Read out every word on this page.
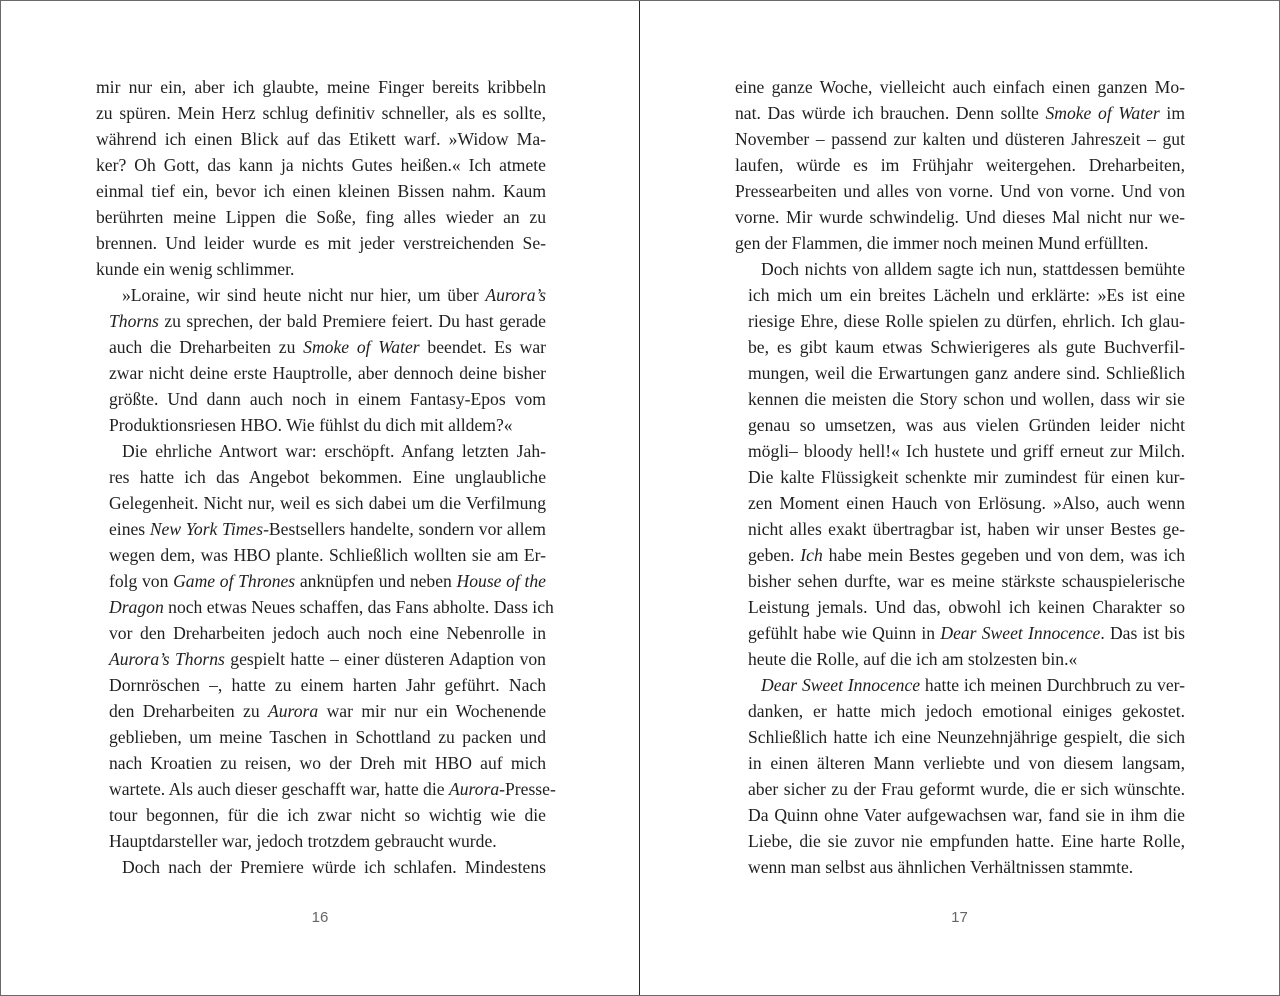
mir nur ein, aber ich glaubte, meine Finger bereits kribbeln
zu spüren. Mein Herz schlug definitiv schneller, als es sollte,
während ich einen Blick auf das Etikett warf. »Widow Ma-
ker? Oh Gott, das kann ja nichts Gutes heißen.« Ich atmete
einmal tief ein, bevor ich einen kleinen Bissen nahm. Kaum
berührten meine Lippen die Soße, fing alles wieder an zu
brennen. Und leider wurde es mit jeder verstreichenden Se-
kunde ein wenig schlimmer.

»Loraine, wir sind heute nicht nur hier, um über Aurora’s
Thorns zu sprechen, der bald Premiere feiert. Du hast gerade
auch die Dreharbeiten zu Smoke of Water beendet. Es war
zwar nicht deine erste Hauptrolle, aber dennoch deine bisher
größte. Und dann auch noch in einem Fantasy-Epos vom
Produktionsriesen HBO. Wie fühlst du dich mit alldem?«

Die ehrliche Antwort war: erschöpft. Anfang letzten Jah-
res hatte ich das Angebot bekommen. Eine unglaubliche
Gelegenheit. Nicht nur, weil es sich dabei um die Verfilmung
eines New York Times-Bestsellers handelte, sondern vor allem
wegen dem, was HBO plante. Schließlich wollten sie am Er-
folg von Game of Thrones anknüpfen und neben House of the
Dragon noch etwas Neues schaffen, das Fans abholte. Dass ich
vor den Dreharbeiten jedoch auch noch eine Nebenrolle in
Aurora’s Thorns gespielt hatte – einer düsteren Adaption von
Dornröschen –, hatte zu einem harten Jahr geführt. Nach
den Dreharbeiten zu Aurora war mir nur ein Wochenende
geblieben, um meine Taschen in Schottland zu packen und
nach Kroatien zu reisen, wo der Dreh mit HBO auf mich
wartete. Als auch dieser geschafft war, hatte die Aurora-Presse-
tour begonnen, für die ich zwar nicht so wichtig wie die
Hauptdarsteller war, jedoch trotzdem gebraucht wurde.

Doch nach der Premiere würde ich schlafen. Mindestens

16

eine ganze Woche, vielleicht auch einfach einen ganzen Mo-
nat. Das würde ich brauchen. Denn sollte Smoke of Water im
November – passend zur kalten und düsteren Jahreszeit – gut
laufen, würde es im Frühjahr weitergehen. Dreharbeiten,
Pressearbeiten und alles von vorne. Und von vorne. Und von
vorne. Mir wurde schwindelig. Und dieses Mal nicht nur we-
gen der Flammen, die immer noch meinen Mund erfüllten.

Doch nichts von alldem sagte ich nun, stattdessen bemühte
ich mich um ein breites Lächeln und erklärte: »Es ist eine
riesige Ehre, diese Rolle spielen zu dürfen, ehrlich. Ich glau-
be, es gibt kaum etwas Schwierigeres als gute Buchverfil-
mungen, weil die Erwartungen ganz andere sind. Schließlich
kennen die meisten die Story schon und wollen, dass wir sie
genau so umsetzen, was aus vielen Gründen leider nicht
mögli– bloody hell!« Ich hustete und griff erneut zur Milch.
Die kalte Flüssigkeit schenkte mir zumindest für einen kur-
zen Moment einen Hauch von Erlösung. »Also, auch wenn
nicht alles exakt übertragbar ist, haben wir unser Bestes ge-
geben. Ich habe mein Bestes gegeben und von dem, was ich
bisher sehen durfte, war es meine stärkste schauspielerische
Leistung jemals. Und das, obwohl ich keinen Charakter so
gefühlt habe wie Quinn in Dear Sweet Innocence. Das ist bis
heute die Rolle, auf die ich am stolzesten bin.«

Dear Sweet Innocence hatte ich meinen Durchbruch zu ver-
danken, er hatte mich jedoch emotional einiges gekostet.
Schließlich hatte ich eine Neunzehnjährige gespielt, die sich
in einen älteren Mann verliebte und von diesem langsam,
aber sicher zu der Frau geformt wurde, die er sich wünschte.
Da Quinn ohne Vater aufgewachsen war, fand sie in ihm die
Liebe, die sie zuvor nie empfunden hatte. Eine harte Rolle,
wenn man selbst aus ähnlichen Verhältnissen stammte.

17
